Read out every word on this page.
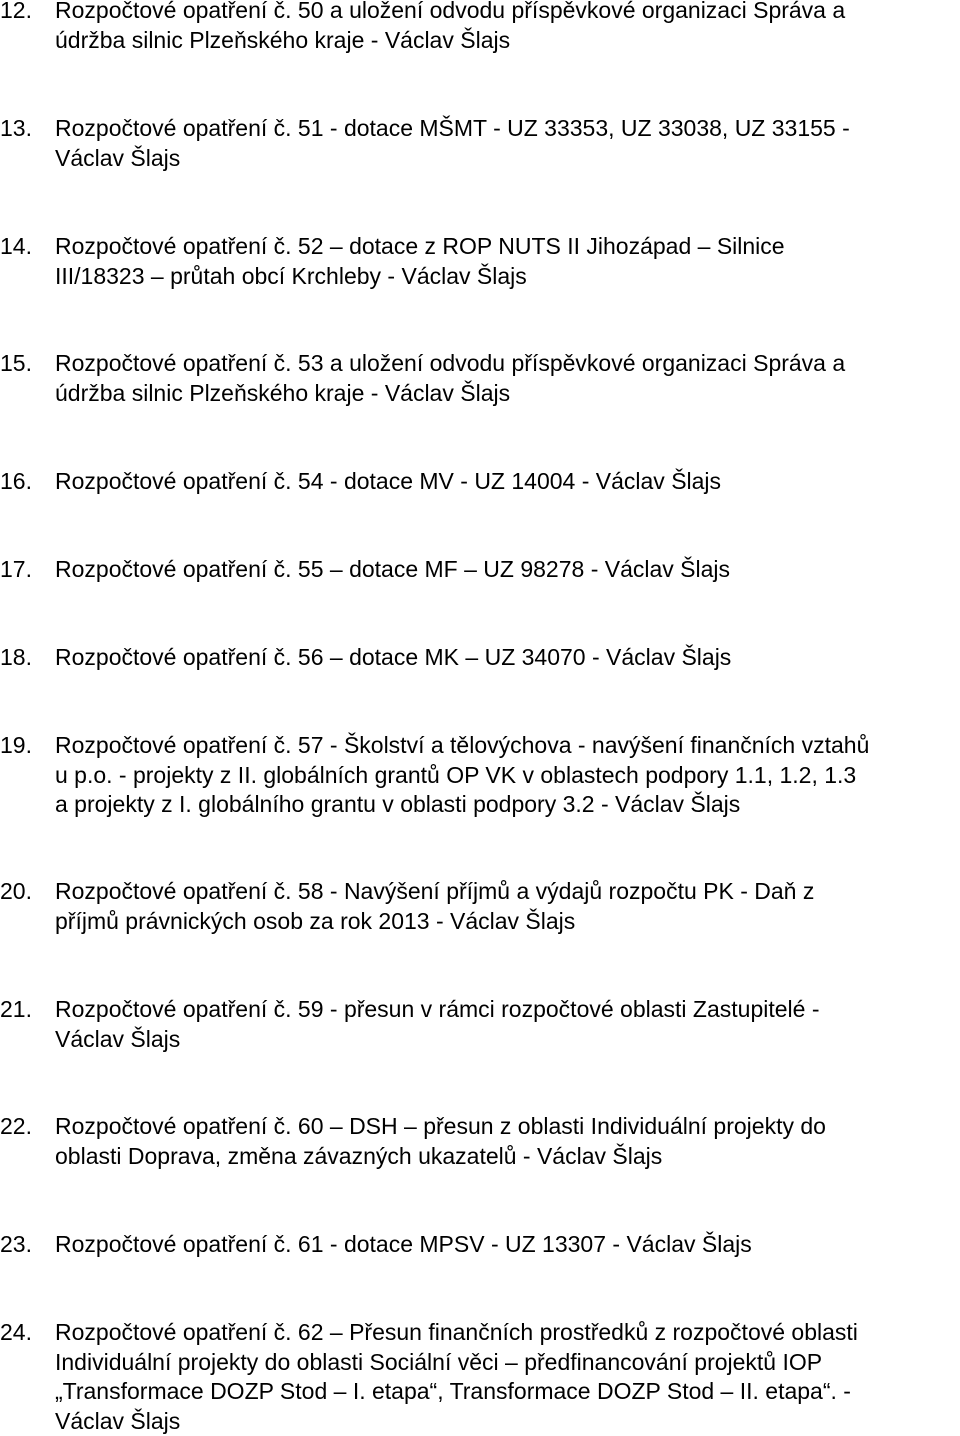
12.	Rozpočtové opatření č. 50 a uložení odvodu příspěvkové organizaci Správa a
údržba silnic Plzeňského kraje - Václav Šlajs
13.	Rozpočtové opatření č. 51 - dotace MŠMT - UZ 33353, UZ 33038, UZ 33155 -
Václav Šlajs
14.	Rozpočtové opatření č. 52 – dotace z ROP NUTS II Jihozápad – Silnice
III/18323 – průtah obcí Krchleby - Václav Šlajs
15.	Rozpočtové opatření č. 53 a uložení odvodu příspěvkové organizaci Správa a
údržba silnic Plzeňského kraje - Václav Šlajs
16.	Rozpočtové opatření č. 54 - dotace MV - UZ 14004 - Václav Šlajs
17.	Rozpočtové opatření č. 55 – dotace MF – UZ 98278 - Václav Šlajs
18.	Rozpočtové opatření č. 56 – dotace MK – UZ 34070 - Václav Šlajs
19.	Rozpočtové opatření č. 57 - Školství a tělovýchova - navýšení finančních vztahů
u p.o. - projekty z II. globálních grantů OP VK v oblastech podpory 1.1, 1.2, 1.3
a projekty z I. globálního grantu v oblasti podpory 3.2 - Václav Šlajs
20.	Rozpočtové opatření č. 58 - Navýšení příjmů a výdajů rozpočtu PK - Daň z
příjmů právnických osob za rok 2013 - Václav Šlajs
21.	Rozpočtové opatření č. 59 - přesun v rámci rozpočtové oblasti Zastupitelé -
Václav Šlajs
22.	Rozpočtové opatření č. 60 – DSH – přesun z oblasti Individuální projekty do
oblasti Doprava, změna závazných ukazatelů - Václav Šlajs
23.	Rozpočtové opatření č. 61 - dotace MPSV - UZ 13307 - Václav Šlajs
24.	Rozpočtové opatření č. 62 – Přesun finančních prostředků z rozpočtové oblasti
Individuální projekty do oblasti Sociální věci – předfinancování projektů IOP
„Transformace DOZP Stod – I. etapa“, Transformace DOZP Stod – II. etapa“. -
Václav Šlajs
